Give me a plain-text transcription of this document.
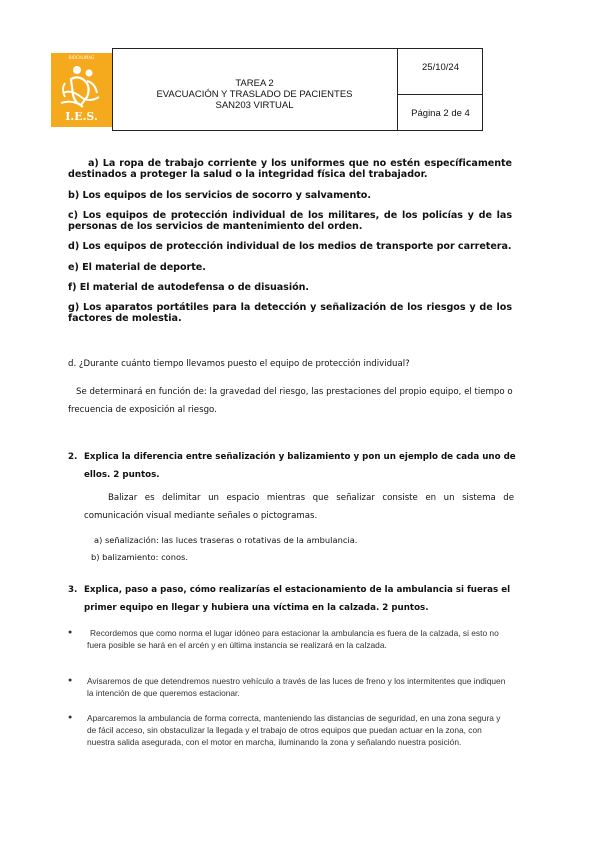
BIOCALIMAG
I.E.S.
TAREA 2
EVACUACIÓN Y TRASLADO DE PACIENTES
SAN203 VIRTUAL
25/10/24
Página 2 de 4
a) La ropa de trabajo corriente y los uniformes que no estén específicamente destinados a proteger la salud o la integridad física del trabajador.
b) Los equipos de los servicios de socorro y salvamento.
c) Los equipos de protección individual de los militares, de los policías y de las personas de los servicios de mantenimiento del orden.
d) Los equipos de protección individual de los medios de transporte por carretera.
e) El material de deporte.
f) El material de autodefensa o de disuasión.
g) Los aparatos portátiles para la detección y señalización de los riesgos y de los factores de molestia.
d. ¿Durante cuánto tiempo llevamos puesto el equipo de protección individual?
Se determinará en función de: la gravedad del riesgo, las prestaciones del propio equipo, el tiempo o frecuencia de exposición al riesgo.
2. Explica la diferencia entre señalización y balizamiento y pon un ejemplo de cada uno de ellos. 2 puntos.
Balizar es delimitar un espacio mientras que señalizar consiste en un sistema de comunicación visual mediante señales o pictogramas.
a) señalización: las luces traseras o rotativas de la ambulancia.
b) balizamiento: conos.
3. Explica, paso a paso, cómo realizarías el estacionamiento de la ambulancia si fueras el primer equipo en llegar y hubiera una víctima en la calzada. 2 puntos.
●	Recordemos que como norma el lugar idóneo para estacionar la ambulancia es fuera de la calzada, si esto no fuera posible se hará en el arcén y en última instancia se realizará en la calzada.
● Avisaremos de que detendremos nuestro vehículo a través de las luces de freno y los intermitentes que indiquen la intención de que queremos estacionar.
● Aparcaremos la ambulancia de forma correcta, manteniendo las distancias de seguridad, en una zona segura y de fácil acceso, sin obstaculizar la llegada y el trabajo de otros equipos que puedan actuar en la zona, con nuestra salida asegurada, con el motor en marcha, iluminando la zona y señalando nuestra posición.
